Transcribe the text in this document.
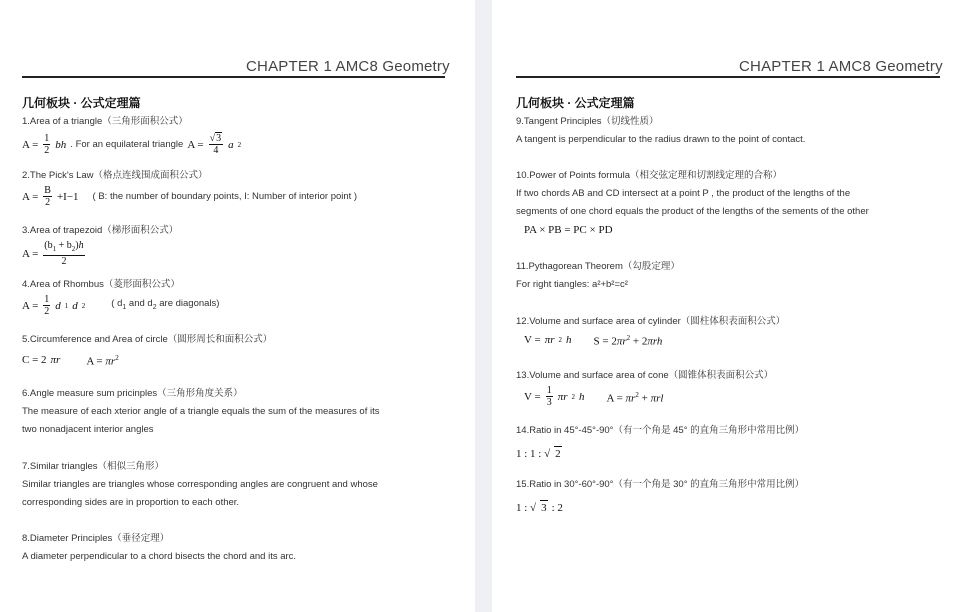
CHAPTER 1 AMC8 Geometry
几何板块 · 公式定理篇
1.Area of a triangle（三角形面积公式）
$A = \frac{1}{2}$ bh . For an equilateral triangle $A = \frac{√3}{4}$ a 2
2.The Pick's Law（格点连线围成面积公式）
$A = \frac{B}{2} +I-1$ ( B: the number of boundary points, I: Number of interior point )
3.Area of trapezoid（梯形面积公式）
$A = \frac{(b_1 + b_2)h}{2}$
4.Area of Rhombus（菱形面积公式）
$A = \frac{1}{2}$ d 1 d 2	( $d_1$ and $d_2$ are diagonals)
5.Circumference and Area of circle（圆形周长和面积公式）
C = 2 πr $A = \pi r^2$
6.Angle measure sum pricinples（三角形角度关系）
The measure of each xterior angle of a triangle equals the sum of the measures of its
two nonadjacent interior angles
7.Similar triangles（相似三角形）
Similar triangles are triangles whose corresponding angles are congruent and whose
corresponding sides are in proportion to each other.
8.Diameter Principles（垂径定理）
A diameter perpendicular to a chord bisects the chord and its arc.
CHAPTER 1 AMC8 Geometry
几何板块 · 公式定理篇
9.Tangent Principles（切线性质）
A tangent is perpendicular to the radius drawn to the point of contact.
10.Power of Points formula（相交弦定理和切割线定理的合称）
If two chords AB and CD intersect at a point P , the product of the lengths of the
segments of one chord equals the product of the lengths of the sements of the other
PA × PB = PC × PD
11.Pythagorean Theorem（勾股定理）
For right tiangles: a²+b²=c²
12.Volume and surface area of cylinder（圆柱体积表面积公式）
V = πr 2 h $S = 2\pi r^2 + 2\pi rh$
13.Volume and surface area of cone（圆锥体积表面积公式）
$V = \frac{1}{3}$ πr 2 h $A = \pi r^2 + \pi rl$
14.Ratio in 45°-45°-90°（有一个角是 45° 的直角三角形中常用比例）
1 : 1 : √ 2
15.Ratio in 30°-60°-90°（有一个角是 30° 的直角三角形中常用比例）
1 : √ 3 : 2
